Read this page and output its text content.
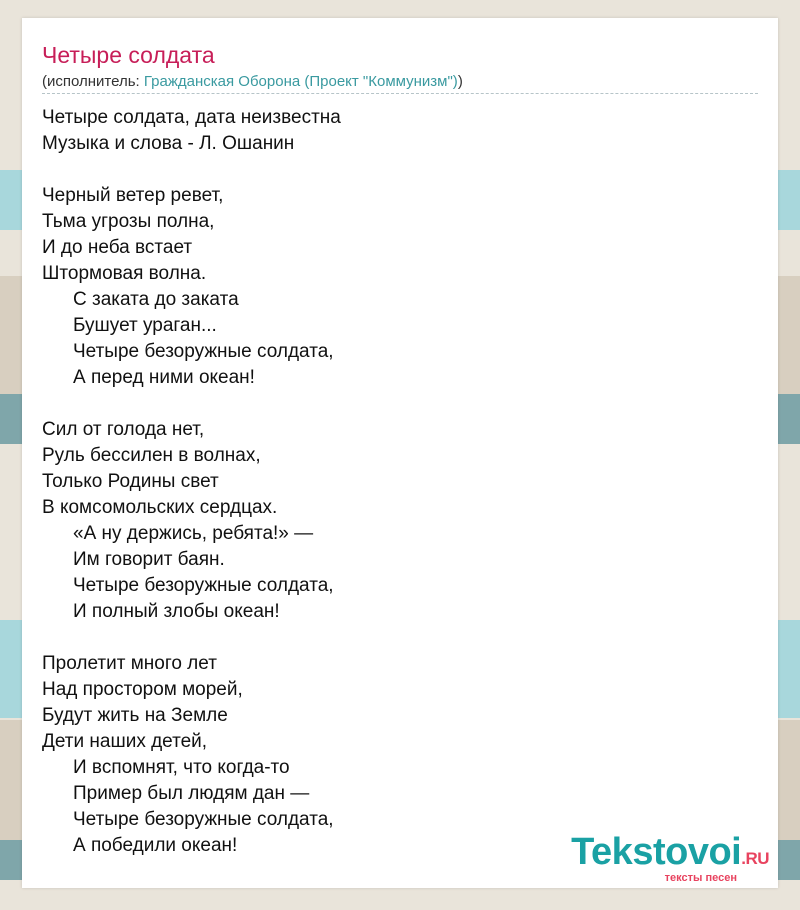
Четыре солдата
(исполнитель: Гражданская Оборона (Проект "Коммунизм"))
Четыре солдата, дата неизвестна
Музыка и слова - Л. Ошанин
Черный ветер ревет,
Тьма угрозы полна,
И до неба встает
Штормовая волна.
С заката до заката
Бушует ураган...
Четыре безоружные солдата,
А перед ними океан!
Сил от голода нет,
Руль бессилен в волнах,
Только Родины свет
В комсомольских сердцах.
«А ну держись, ребята!» —
Им говорит баян.
Четыре безоружные солдата,
И полный злобы океан!
Пролетит много лет
Над простором морей,
Будут жить на Земле
Дети наших детей,
И вспомнят, что когда-то
Пример был людям дан —
Четыре безоружные солдата,
А победили океан!	Tekstovoi.RU
тексты песен
